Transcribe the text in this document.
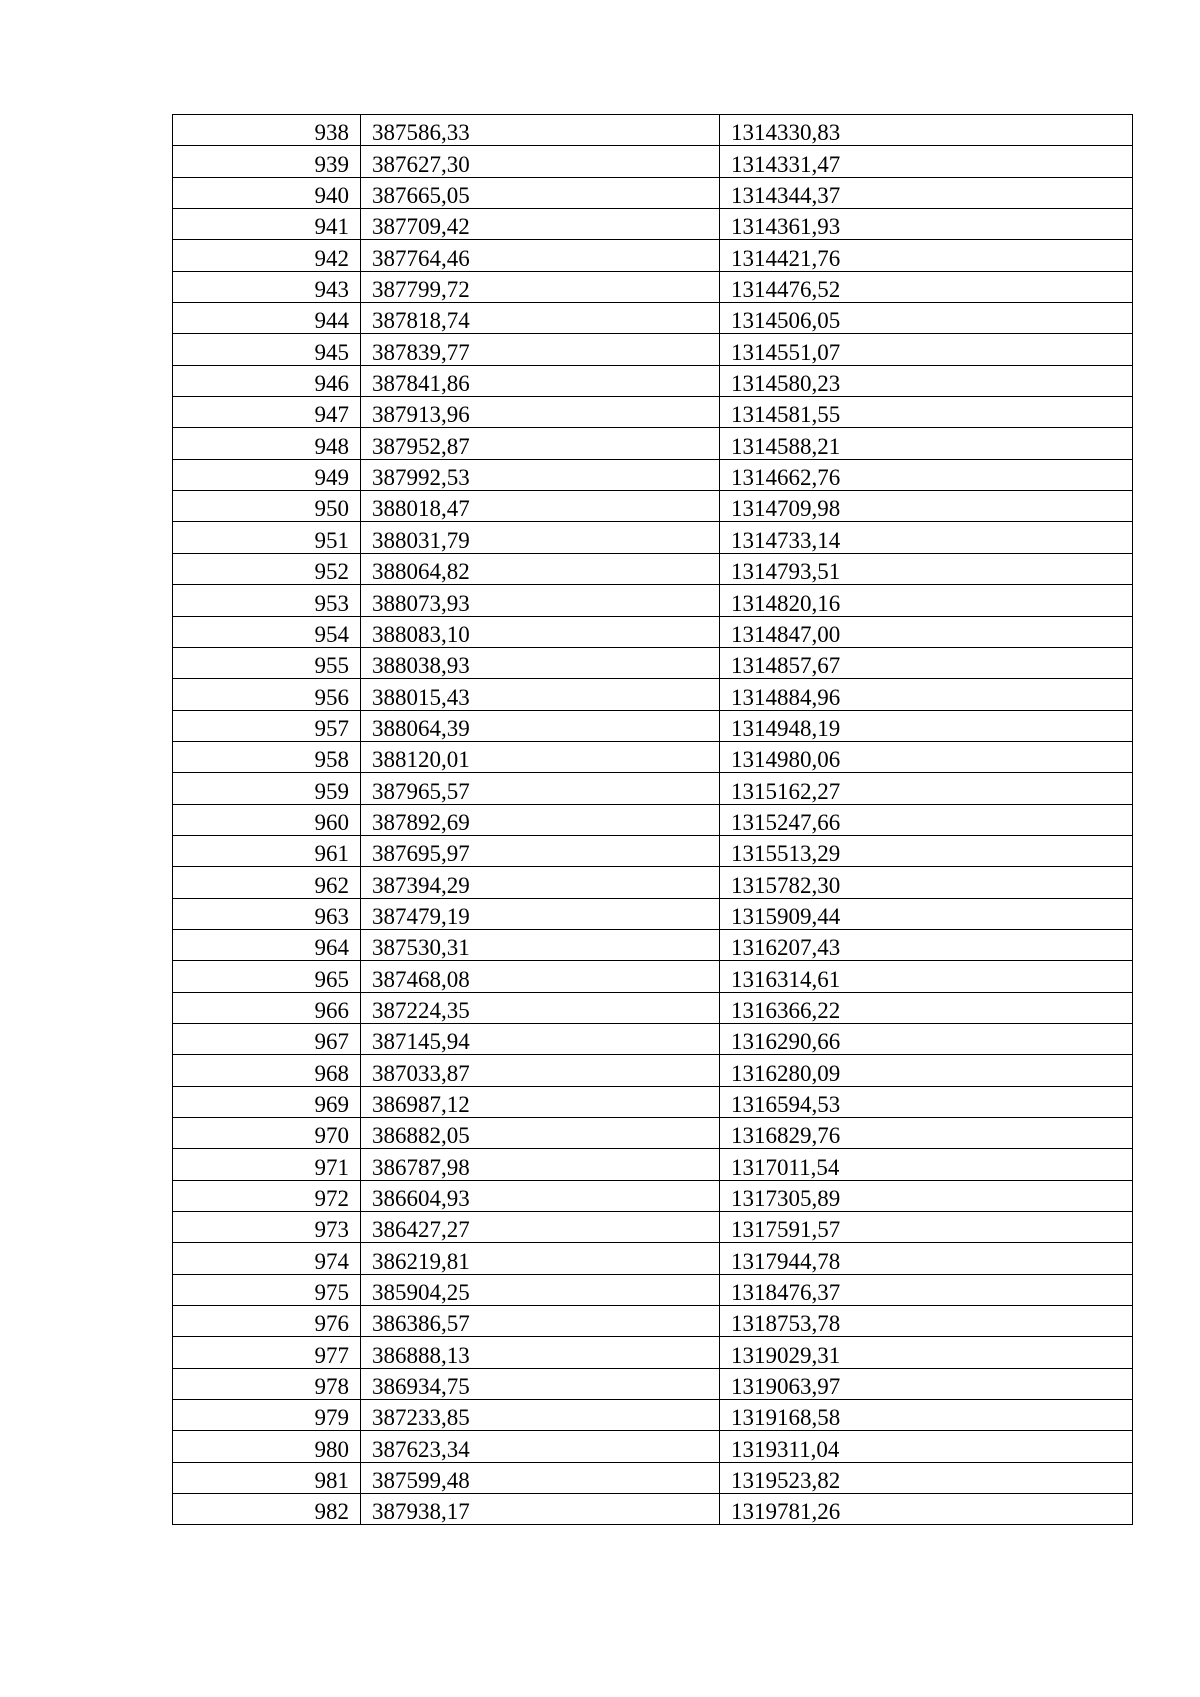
938	387586,33	1314330,83
939	387627,30	1314331,47
940	387665,05	1314344,37
941	387709,42	1314361,93
942	387764,46	1314421,76
943	387799,72	1314476,52
944	387818,74	1314506,05
945	387839,77	1314551,07
946	387841,86	1314580,23
947	387913,96	1314581,55
948	387952,87	1314588,21
949	387992,53	1314662,76
950	388018,47	1314709,98
951	388031,79	1314733,14
952	388064,82	1314793,51
953	388073,93	1314820,16
954	388083,10	1314847,00
955	388038,93	1314857,67
956	388015,43	1314884,96
957	388064,39	1314948,19
958	388120,01	1314980,06
959	387965,57	1315162,27
960	387892,69	1315247,66
961	387695,97	1315513,29
962	387394,29	1315782,30
963	387479,19	1315909,44
964	387530,31	1316207,43
965	387468,08	1316314,61
966	387224,35	1316366,22
967	387145,94	1316290,66
968	387033,87	1316280,09
969	386987,12	1316594,53
970	386882,05	1316829,76
971	386787,98	1317011,54
972	386604,93	1317305,89
973	386427,27	1317591,57
974	386219,81	1317944,78
975	385904,25	1318476,37
976	386386,57	1318753,78
977	386888,13	1319029,31
978	386934,75	1319063,97
979	387233,85	1319168,58
980	387623,34	1319311,04
981	387599,48	1319523,82
982	387938,17	1319781,26
